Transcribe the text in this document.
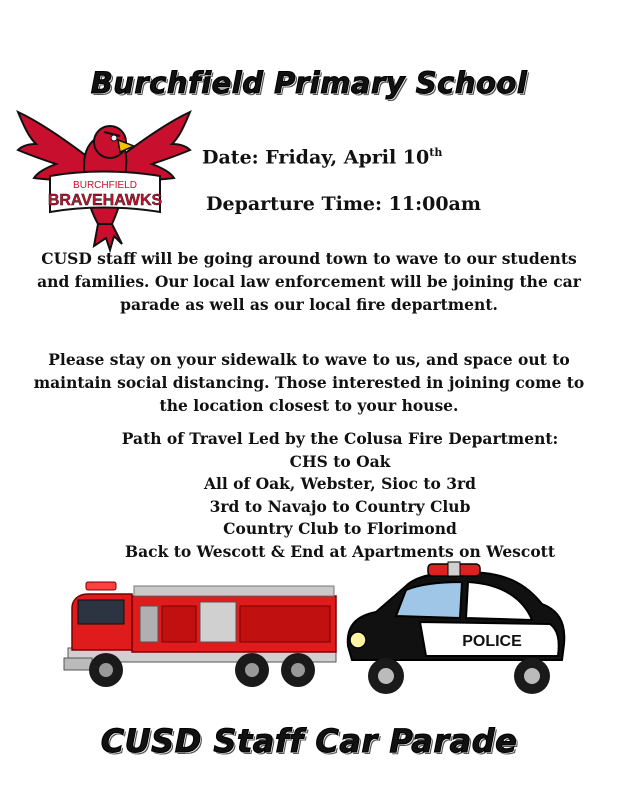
Burchfield Primary School
BURCHFIELD
BRAVEHAWKS
Date: Friday, April 10th
Departure Time: 11:00am

CUSD staff will be going around town to wave to our students and families. Our local law enforcement will be joining the car parade as well as our local fire department.

Please stay on your sidewalk to wave to us, and space out to maintain social distancing. Those interested in joining come to the location closest to your house.

Path of Travel Led by the Colusa Fire Department:
CHS to Oak
All of Oak, Webster, Sioc to 3rd
3rd to Navajo to Country Club
Country Club to Florimond
Back to Wescott & End at Apartments on Wescott
POLICE
CUSD Staff Car Parade
